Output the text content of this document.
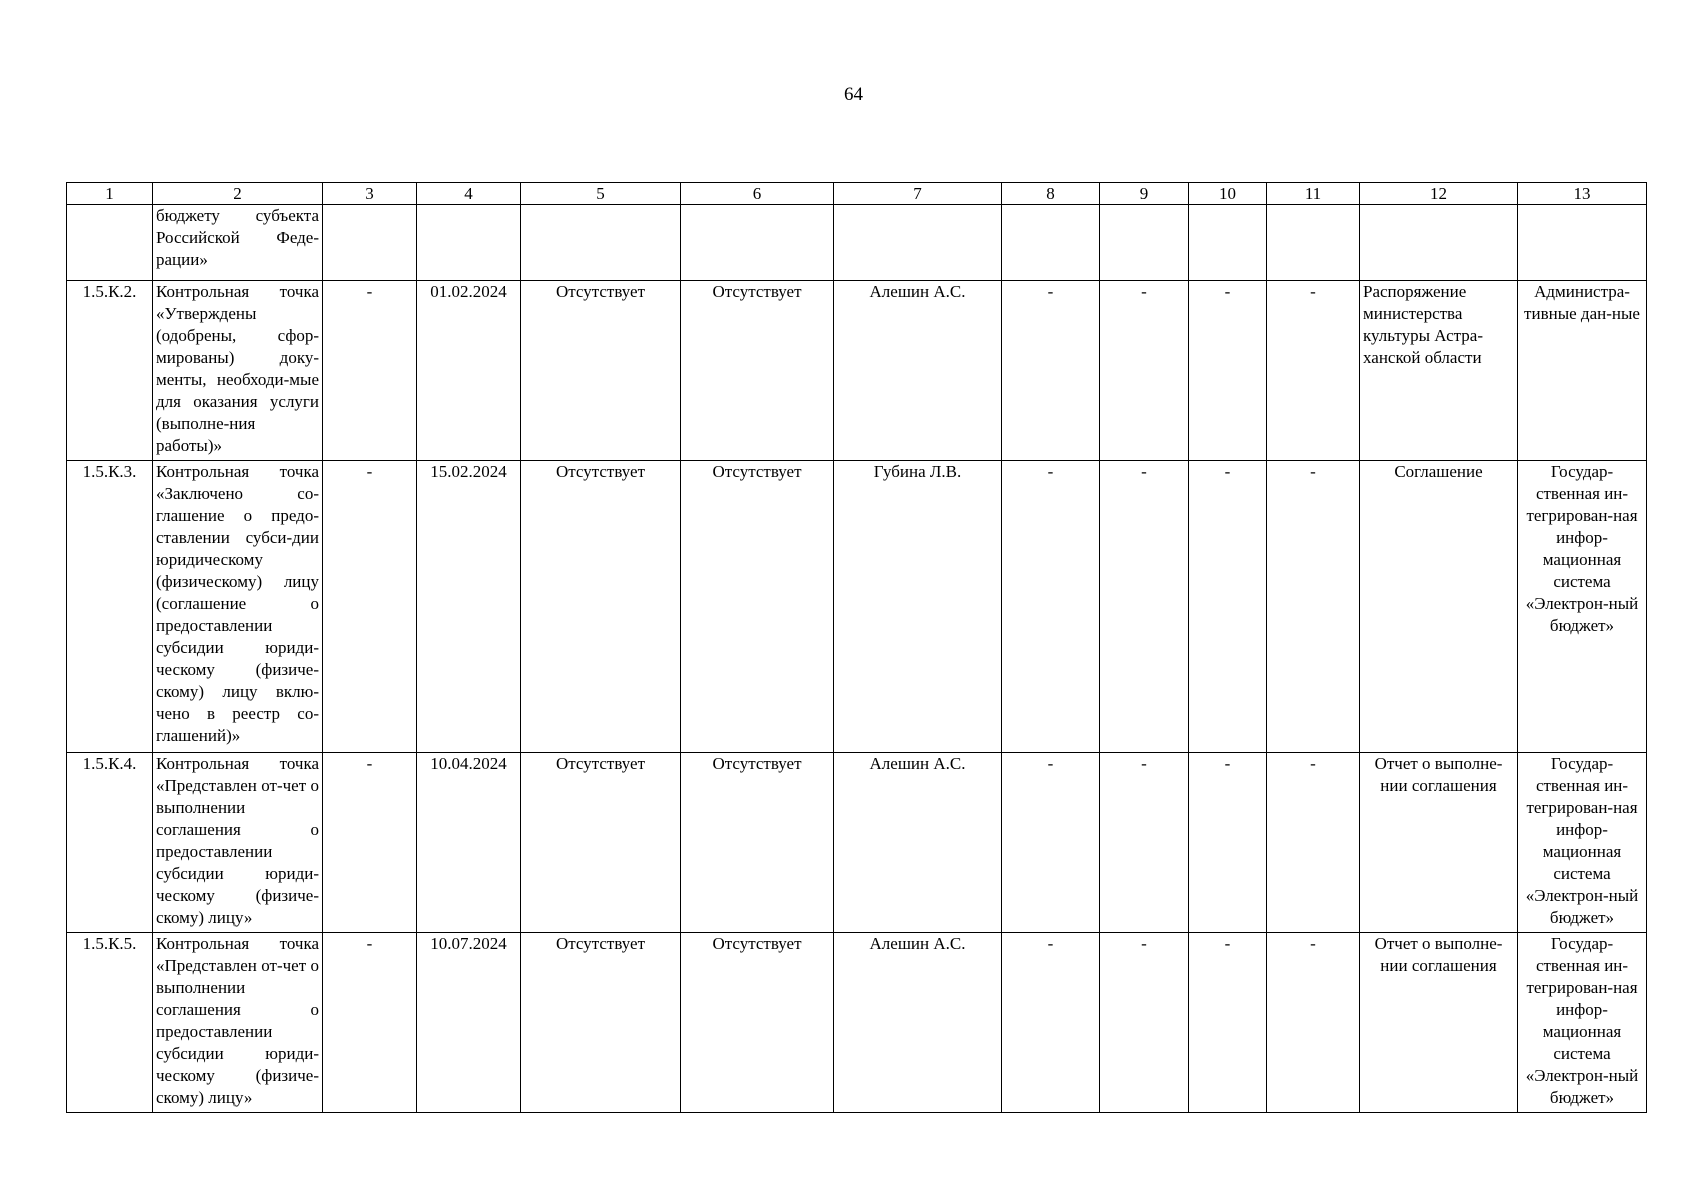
64
1	2	3	4	5	6	7	8	9	10	11	12	13
	бюджету субъекта Российской Феде-рации»											
1.5.К.2.	Контрольная точка «Утверждены (одобрены, сфор-мированы) доку-менты, необходи-мые для оказания услуги (выполне-ния работы)»	-	01.02.2024	Отсутствует	Отсутствует	Алешин А.С.	-	-	-	-	Распоряжение министерства культуры Астра-ханской области	Администра-тивные дан-ные
1.5.К.3.	Контрольная точка «Заключено со-глашение о предо-ставлении субси-дии юридическому (физическому) лицу (соглашение о предоставлении субсидии юриди-ческому (физиче-скому) лицу вклю-чено в реестр со-глашений)»	-	15.02.2024	Отсутствует	Отсутствует	Губина Л.В.	-	-	-	-	Соглашение	Государ-ственная ин-тегрирован-ная инфор-мационная система «Электрон-ный бюджет»
1.5.К.4.	Контрольная точка «Представлен от-чет о выполнении соглашения о предоставлении субсидии юриди-ческому (физиче-скому) лицу»	-	10.04.2024	Отсутствует	Отсутствует	Алешин А.С.	-	-	-	-	Отчет о выполне-нии соглашения	Государ-ственная ин-тегрирован-ная инфор-мационная система «Электрон-ный бюджет»
1.5.К.5.	Контрольная точка «Представлен от-чет о выполнении соглашения о предоставлении субсидии юриди-ческому (физиче-скому) лицу»	-	10.07.2024	Отсутствует	Отсутствует	Алешин А.С.	-	-	-	-	Отчет о выполне-нии соглашения	Государ-ственная ин-тегрирован-ная инфор-мационная система «Электрон-ный бюджет»
